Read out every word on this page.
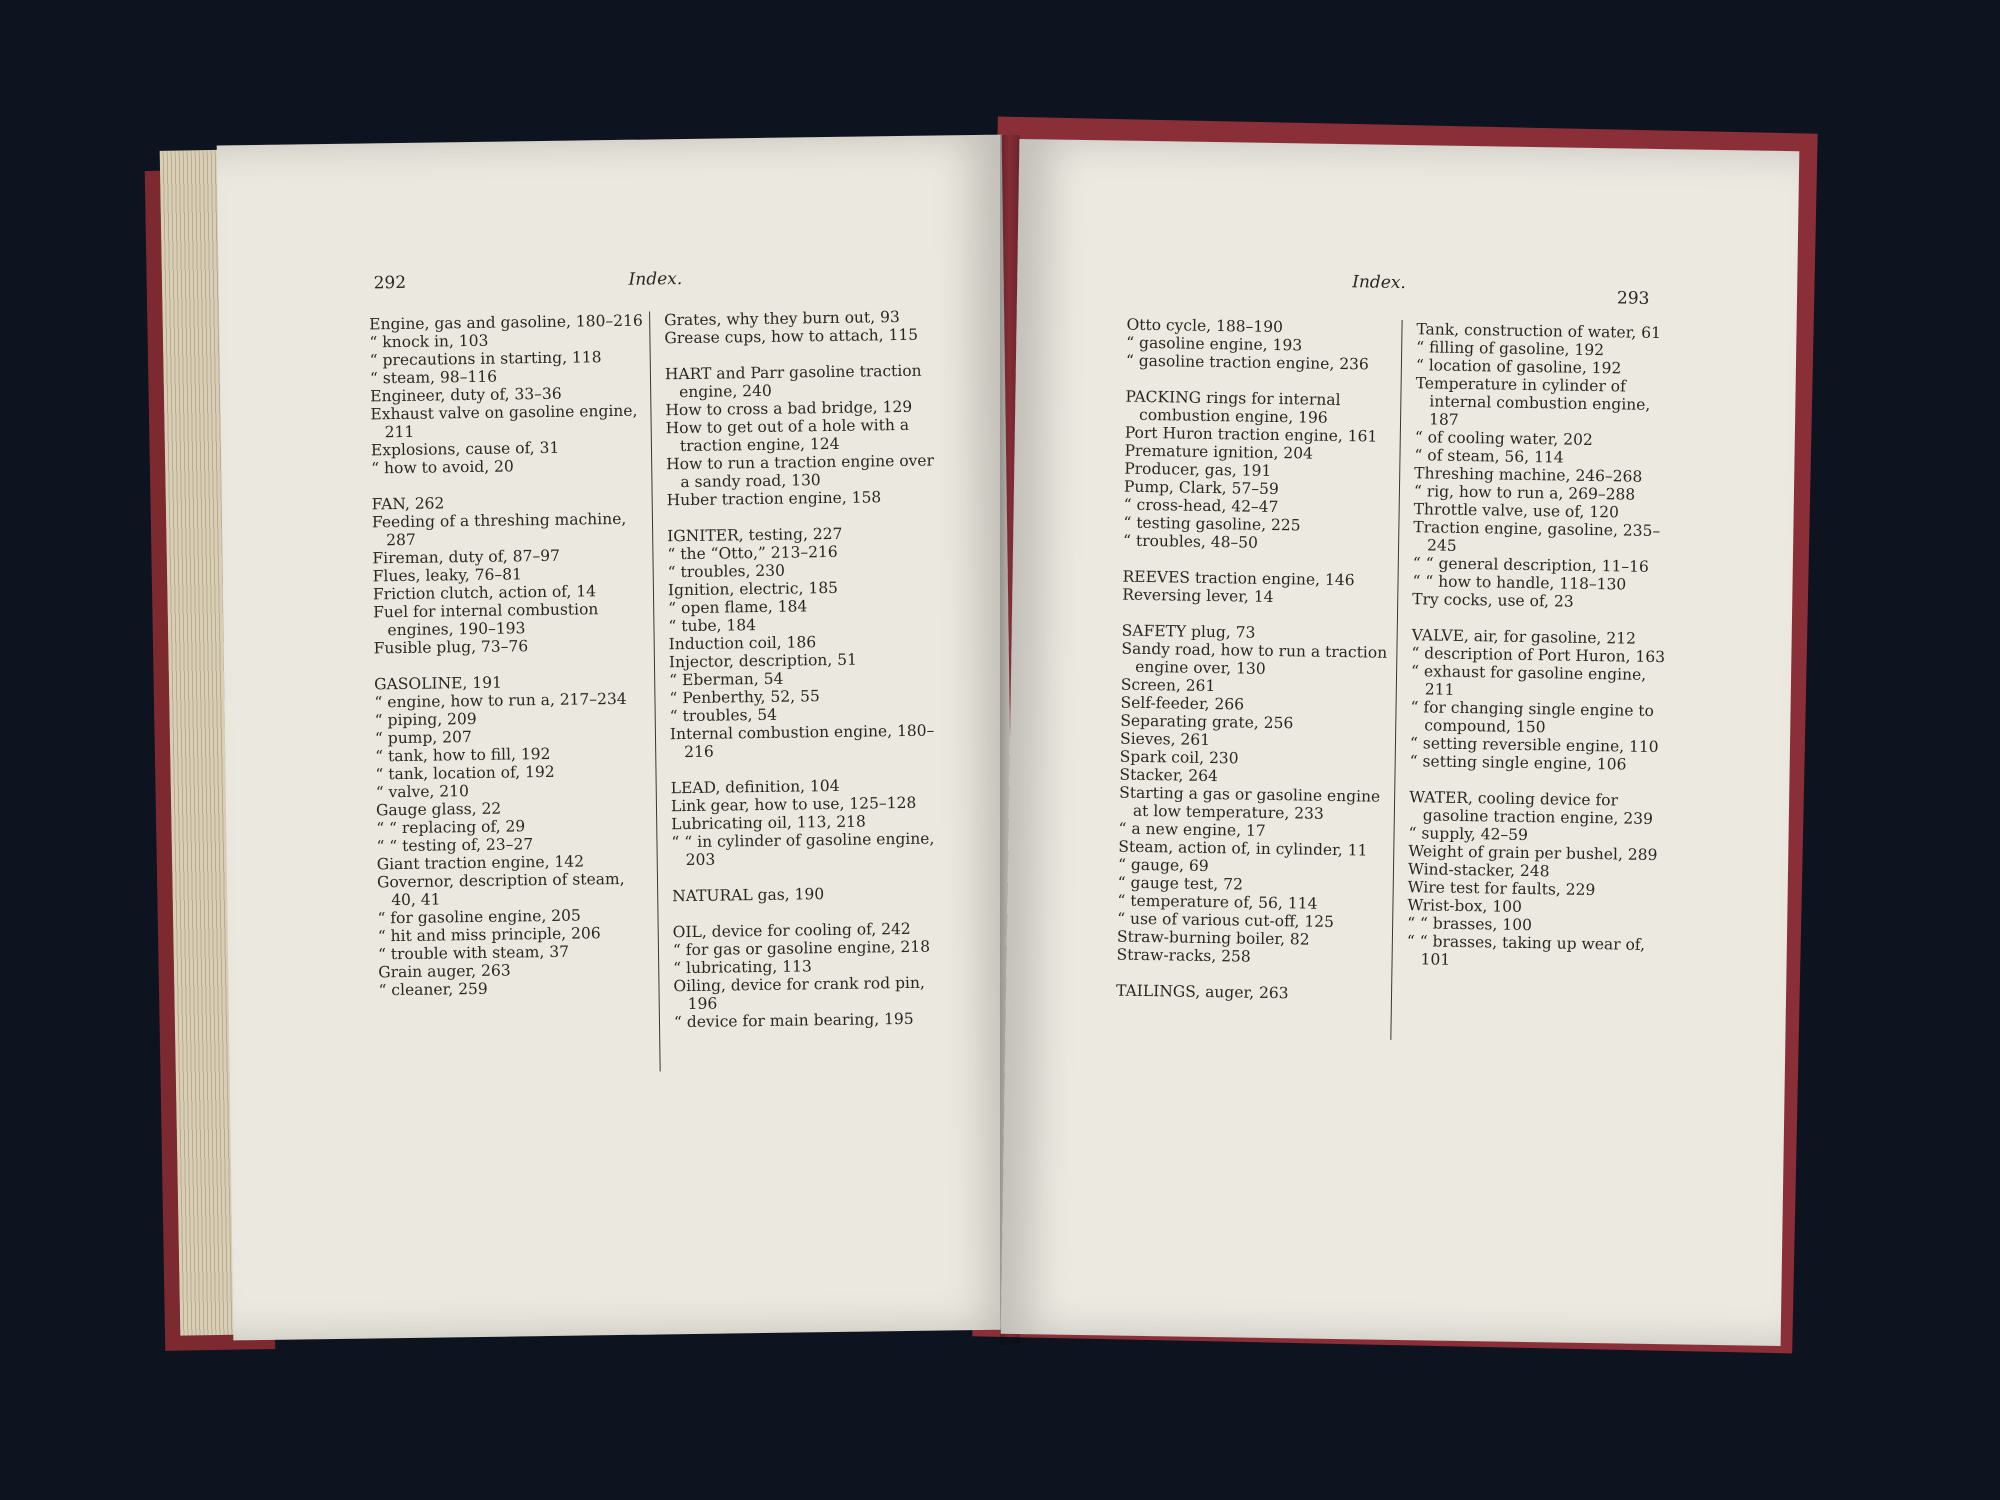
292	Index.
Engine, gas and gasoline, 180–216
“ knock in, 103
“ precautions in starting, 118
“ steam, 98–116
Engineer, duty of, 33–36
Exhaust valve on gasoline engine, 211
Explosions, cause of, 31
“ how to avoid, 20
FAN, 262
Feeding of a threshing machine, 287
Fireman, duty of, 87–97
Flues, leaky, 76–81
Friction clutch, action of, 14
Fuel for internal combustion engines, 190–193
Fusible plug, 73–76
GASOLINE, 191
“ engine, how to run a, 217–234
“ piping, 209
“ pump, 207
“ tank, how to fill, 192
“ tank, location of, 192
“ valve, 210
Gauge glass, 22
“ “ replacing of, 29
“ “ testing of, 23–27
Giant traction engine, 142
Governor, description of steam, 40, 41
“ for gasoline engine, 205
“ hit and miss principle, 206
“ trouble with steam, 37
Grain auger, 263
“ cleaner, 259
Grates, why they burn out, 93
Grease cups, how to attach, 115
HART and Parr gasoline traction engine, 240
How to cross a bad bridge, 129
How to get out of a hole with a traction engine, 124
How to run a traction engine over a sandy road, 130
Huber traction engine, 158
IGNITER, testing, 227
“ the “Otto,” 213–216
“ troubles, 230
Ignition, electric, 185
“ open flame, 184
“ tube, 184
Induction coil, 186
Injector, description, 51
“ Eberman, 54
“ Penberthy, 52, 55
“ troubles, 54
Internal combustion engine, 180–216
LEAD, definition, 104
Link gear, how to use, 125–128
Lubricating oil, 113, 218
“ “ in cylinder of gasoline engine, 203
NATURAL gas, 190
OIL, device for cooling of, 242
“ for gas or gasoline engine, 218
“ lubricating, 113
Oiling, device for crank rod pin, 196
“ device for main bearing, 195
Index.
293
Otto cycle, 188–190
“ gasoline engine, 193
“ gasoline traction engine, 236
PACKING rings for internal combustion engine, 196
Port Huron traction engine, 161
Premature ignition, 204
Producer, gas, 191
Pump, Clark, 57–59
“ cross-head, 42–47
“ testing gasoline, 225
“ troubles, 48–50
REEVES traction engine, 146
Reversing lever, 14
SAFETY plug, 73
Sandy road, how to run a traction engine over, 130
Screen, 261
Self-feeder, 266
Separating grate, 256
Sieves, 261
Spark coil, 230
Stacker, 264
Starting a gas or gasoline engine at low temperature, 233
“ a new engine, 17
Steam, action of, in cylinder, 11
“ gauge, 69
“ gauge test, 72
“ temperature of, 56, 114
“ use of various cut-off, 125
Straw-burning boiler, 82
Straw-racks, 258
TAILINGS, auger, 263
Tank, construction of water, 61
“ filling of gasoline, 192
“ location of gasoline, 192
Temperature in cylinder of internal combustion engine, 187
“ of cooling water, 202
“ of steam, 56, 114
Threshing machine, 246–268
“ rig, how to run a, 269–288
Throttle valve, use of, 120
Traction engine, gasoline, 235–245
“ “ general description, 11–16
“ “ how to handle, 118–130
Try cocks, use of, 23
VALVE, air, for gasoline, 212
“ description of Port Huron, 163
“ exhaust for gasoline engine, 211
“ for changing single engine to compound, 150
“ setting reversible engine, 110
“ setting single engine, 106
WATER, cooling device for gasoline traction engine, 239
“ supply, 42–59
Weight of grain per bushel, 289
Wind-stacker, 248
Wire test for faults, 229
Wrist-box, 100
“ “ brasses, 100
“ “ brasses, taking up wear of, 101
